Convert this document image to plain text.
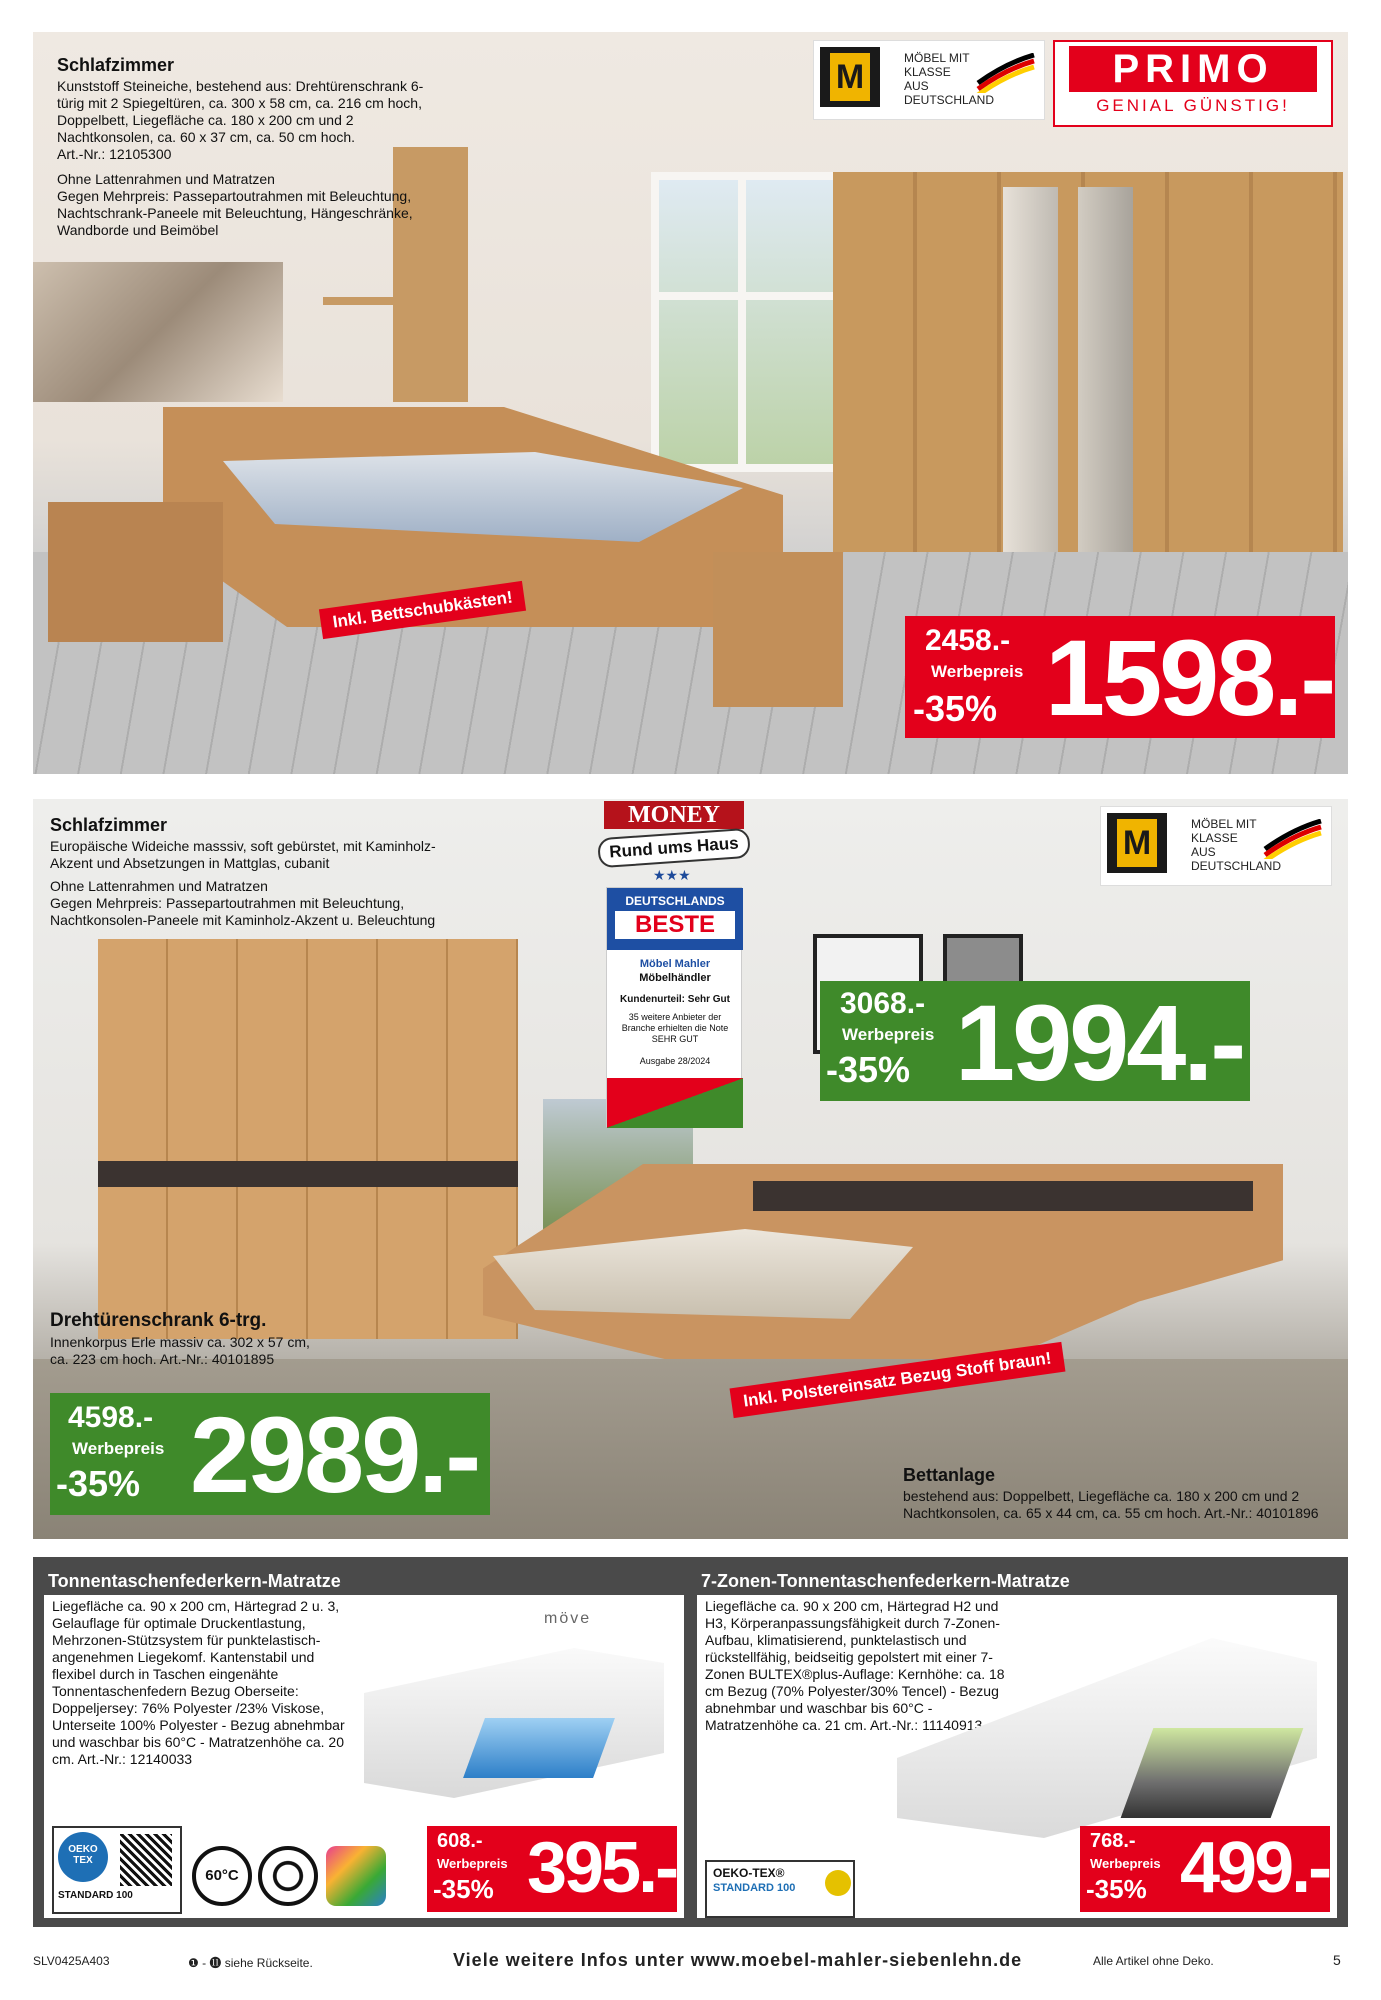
Schlafzimmer

Kunststoff Steineiche, bestehend aus: Drehtürenschrank 6-türig mit 2 Spiegeltüren, ca. 300 x 58 cm, ca. 216 cm hoch, Doppelbett, Liegefläche ca. 180 x 200 cm und 2 Nachtkonsolen, ca. 60 x 37 cm, ca. 50 cm hoch.

Art.-Nr.: 12105300

Ohne Lattenrahmen und Matratzen

Gegen Mehrpreis: Passepartoutrahmen mit Beleuchtung, Nachtschrank-Paneele mit Beleuchtung, Hängeschränke, Wandborde und Beimöbel

M	MÖBEL MIT
KLASSE
AUS
DEUTSCHLAND
PRIMO
GENIAL GÜNSTIG!
Inkl. Bettschubkästen!
2458.-
Werbepreis
-35% 1598.-
Schlafzimmer

Europäische Wideiche masssiv, soft gebürstet, mit Kaminholz-Akzent und Absetzungen in Mattglas, cubanit

Ohne Lattenrahmen und Matratzen

Gegen Mehrpreis: Passepartoutrahmen mit Beleuchtung, Nachtkonsolen-Paneele mit Kaminholz-Akzent u. Beleuchtung

M	MÖBEL MIT
KLASSE
AUS
DEUTSCHLAND
MONEY
Rund ums Haus
★★★
DEUTSCHLANDS
BESTE
Möbel Mahler
Möbelhändler
Kundenurteil: Sehr Gut
35 weitere Anbieter der Branche erhielten die Note SEHR GUT
Ausgabe 28/2024
3068.-
Werbepreis
-35% 1994.-
Drehtürenschrank 6-trg.

Innenkorpus Erle massiv ca. 302 x 57 cm, ca. 223 cm hoch. Art.-Nr.: 40101895

4598.-
Werbepreis
-35% 2989.-
Inkl. Polstereinsatz Bezug Stoff braun!
Bettanlage

bestehend aus: Doppelbett, Liegefläche ca. 180 x 200 cm und 2 Nachtkonsolen, ca. 65 x 44 cm, ca. 55 cm hoch. Art.-Nr.: 40101896

Tonnentaschenfederkern-Matratze

Liegefläche ca. 90 x 200 cm, Härtegrad 2 u. 3, Gelauflage für optimale Druckentlastung, Mehrzonen-Stützsystem für punktelastisch-angenehmen Liegekomf. Kantenstabil und flexibel durch in Taschen eingenähte Tonnentaschenfedern Bezug Oberseite: Doppeljersey: 76% Polyester /23% Viskose, Unterseite 100% Polyester - Bezug abnehmbar und waschbar bis 60°C - Matratzenhöhe ca. 20 cm. Art.-Nr.: 12140033

möve
OEKO
TEX
STANDARD 100
60°C
608.-
Werbepreis
-35% 395.-
7-Zonen-Tonnentaschenfederkern-Matratze

Liegefläche ca. 90 x 200 cm, Härtegrad H2 und H3, Körperanpassungsfähigkeit durch 7-Zonen-Aufbau, klimatisierend, punktelastisch und rückstellfähig, beidseitig gepolstert mit einer 7-Zonen BULTEX®plus-Auflage: Kernhöhe: ca. 18 cm Bezug (70% Polyester/30% Tencel) - Bezug abnehmbar und waschbar bis 60°C - Matratzenhöhe ca. 21 cm. Art.-Nr.: 11140913

OEKO-TEX®
STANDARD 100
768.-
Werbepreis
-35% 499.-
SLV0425A403	❶ - ⓫ siehe Rückseite.	Viele weitere Infos unter www.moebel-mahler-siebenlehn.de	Alle Artikel ohne Deko.	5
